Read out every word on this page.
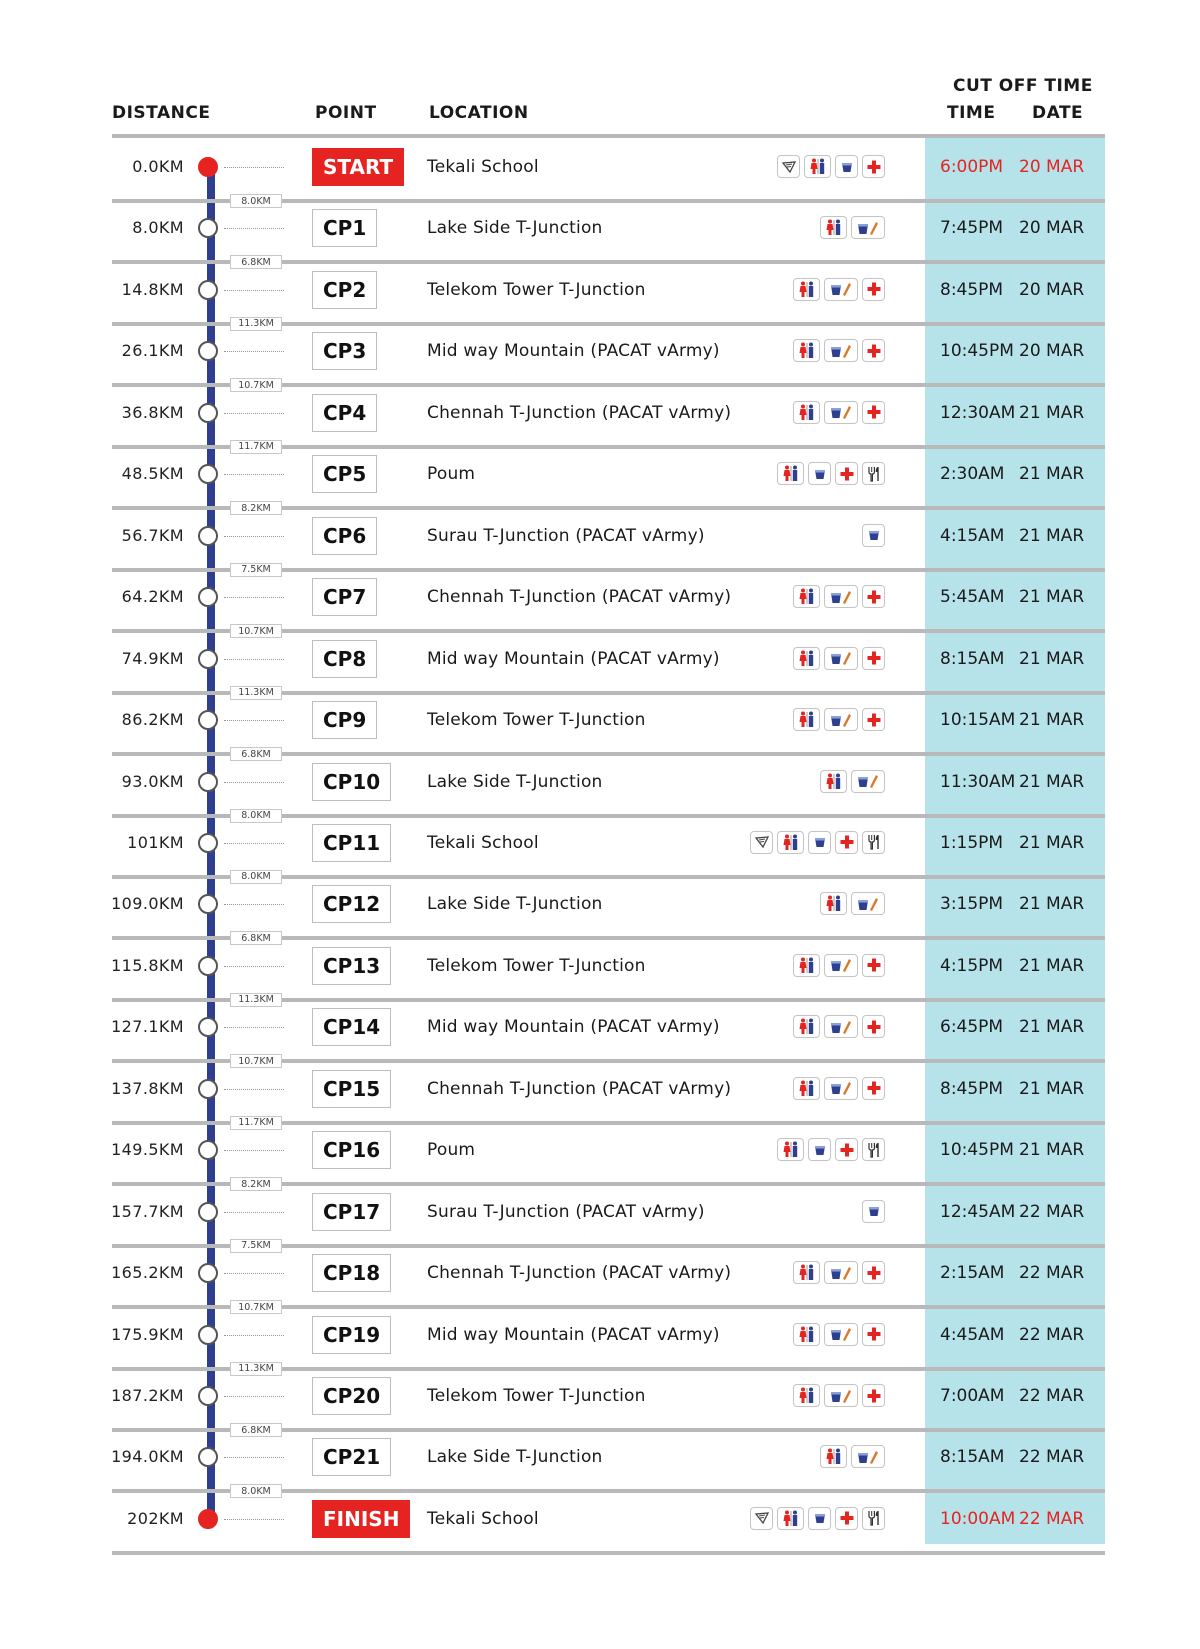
DISTANCE	POINT	LOCATION
CUT OFF TIME
TIME DATE
8.0KM
6.8KM
11.3KM
10.7KM
11.7KM
8.2KM
7.5KM
10.7KM
11.3KM
6.8KM
8.0KM
8.0KM
6.8KM
11.3KM
10.7KM
11.7KM
8.2KM
7.5KM
10.7KM
11.3KM
6.8KM
8.0KM
0.0KM	START	Tekali School	6:00PM 20 MAR
8.0KM	CP1	Lake Side T-Junction	7:45PM 20 MAR
14.8KM	CP2	Telekom Tower T-Junction	8:45PM 20 MAR
26.1KM	CP3	Mid way Mountain (PACAT vArmy)	10:45PM 20 MAR
36.8KM	CP4	Chennah T-Junction (PACAT vArmy)	12:30AM 21 MAR
48.5KM	CP5	Poum	2:30AM 21 MAR
56.7KM	CP6	Surau T-Junction (PACAT vArmy)	4:15AM 21 MAR
64.2KM	CP7	Chennah T-Junction (PACAT vArmy)	5:45AM 21 MAR
74.9KM	CP8	Mid way Mountain (PACAT vArmy)	8:15AM 21 MAR
86.2KM	CP9	Telekom Tower T-Junction	10:15AM 21 MAR
93.0KM	CP10	Lake Side T-Junction	11:30AM 21 MAR
101KM	CP11	Tekali School	1:15PM 21 MAR
109.0KM	CP12	Lake Side T-Junction	3:15PM 21 MAR
115.8KM	CP13	Telekom Tower T-Junction	4:15PM 21 MAR
127.1KM	CP14	Mid way Mountain (PACAT vArmy)	6:45PM 21 MAR
137.8KM	CP15	Chennah T-Junction (PACAT vArmy)	8:45PM 21 MAR
149.5KM	CP16	Poum	10:45PM 21 MAR
157.7KM	CP17	Surau T-Junction (PACAT vArmy)	12:45AM 22 MAR
165.2KM	CP18	Chennah T-Junction (PACAT vArmy)	2:15AM 22 MAR
175.9KM	CP19	Mid way Mountain (PACAT vArmy)	4:45AM 22 MAR
187.2KM	CP20	Telekom Tower T-Junction	7:00AM 22 MAR
194.0KM	CP21	Lake Side T-Junction	8:15AM 22 MAR
202KM	FINISH	Tekali School	10:00AM 22 MAR
